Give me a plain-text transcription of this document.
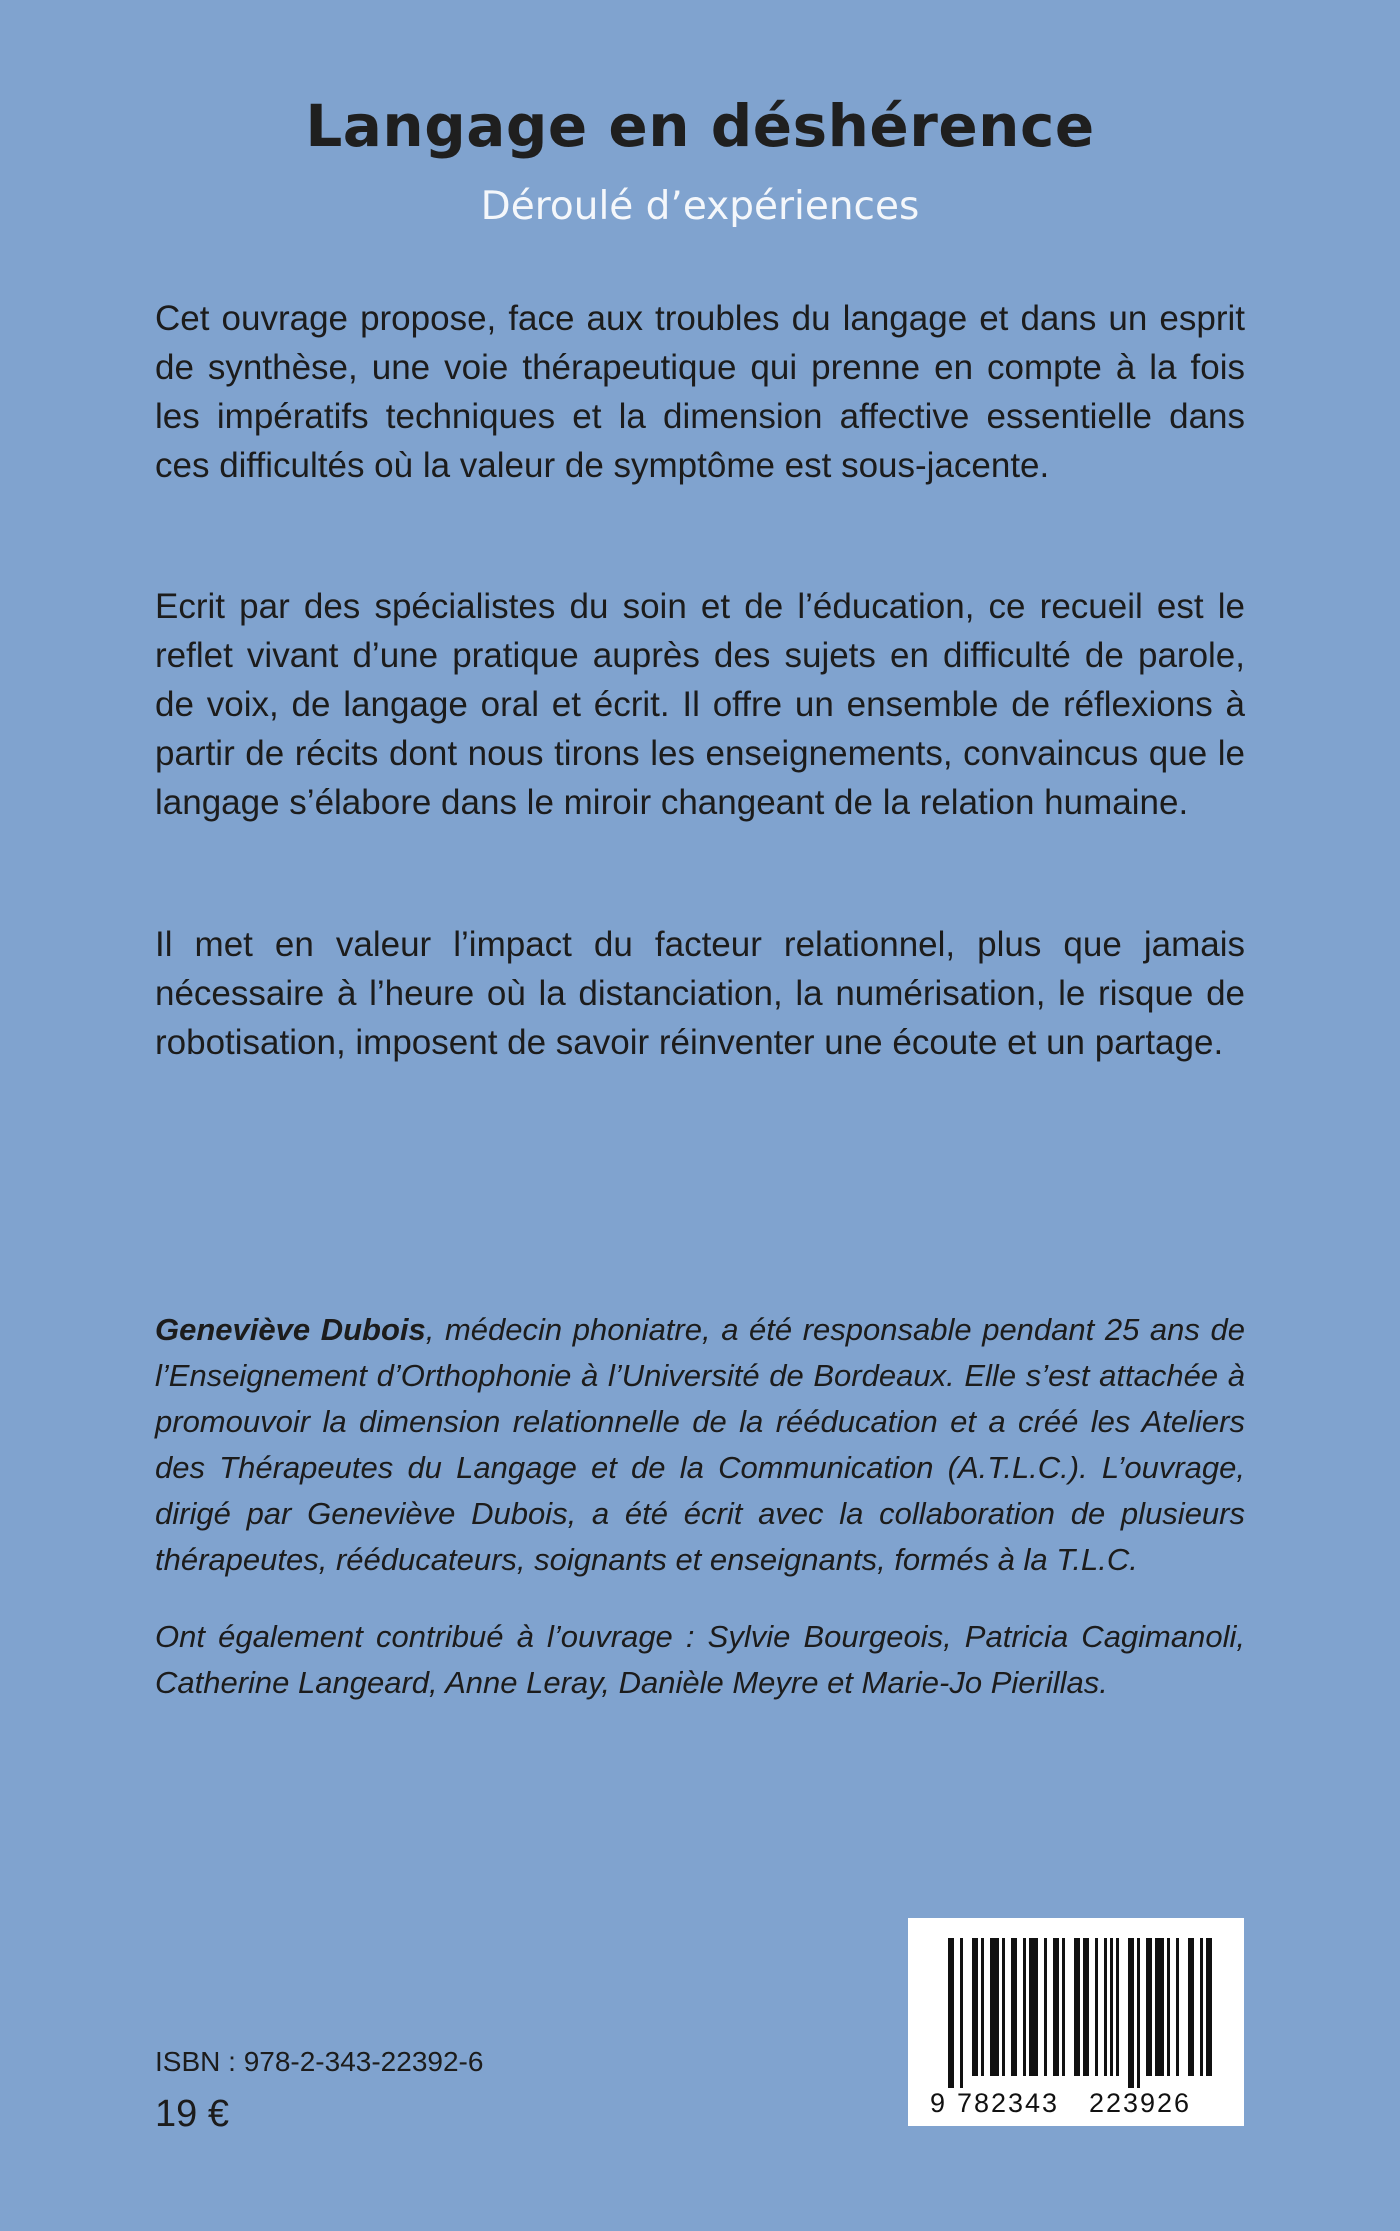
Langage en déshérence

Déroulé d’expériences

Cet ouvrage propose, face aux troubles du langage et dans un esprit de synthèse, une voie thérapeutique qui prenne en compte à la fois les impératifs techniques et la dimension affective essentielle dans ces difficultés où la valeur de symptôme est sous-jacente.

Ecrit par des spécialistes du soin et de l’éducation, ce recueil est le reflet vivant d’une pratique auprès des sujets en difficulté de parole, de voix, de langage oral et écrit. Il offre un ensemble de réflexions à partir de récits dont nous tirons les enseignements, convaincus que le langage s’élabore dans le miroir changeant de la relation humaine.

Il met en valeur l’impact du facteur relationnel, plus que jamais nécessaire à l’heure où la distanciation, la numérisation, le risque de robotisation, imposent de savoir réinventer une écoute et un partage.

Geneviève Dubois, médecin phoniatre, a été responsable pendant 25 ans de l’Enseignement d’Orthophonie à l’Université de Bordeaux. Elle s’est attachée à promouvoir la dimension relationnelle de la rééducation et a créé les Ateliers des Thérapeutes du Langage et de la Communication (A.T.L.C.). L’ouvrage, dirigé par Geneviève Dubois, a été écrit avec la collaboration de plusieurs thérapeutes, rééducateurs, soignants et enseignants, formés à la T.L.C.

Ont également contribué à l’ouvrage : Sylvie Bourgeois, Patricia Cagimanoli, Catherine Langeard, Anne Leray, Danièle Meyre et Marie-Jo Pierillas.

ISBN : 978-2-343-22392-6
19 €	9 782343 223926
